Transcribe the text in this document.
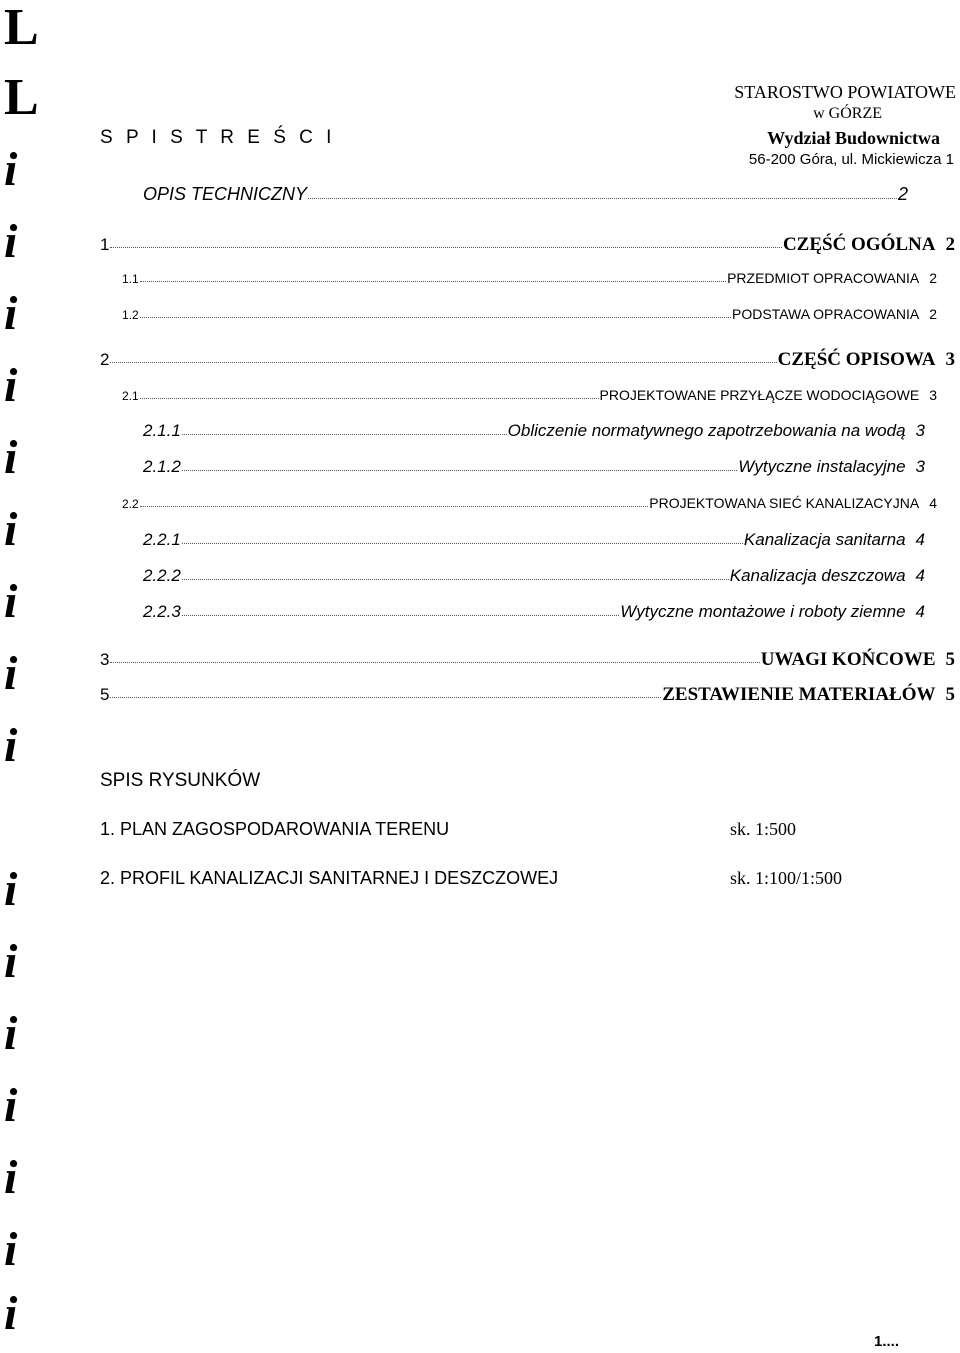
L
L
i
i
i
i
i
i
i
i
i
i
i
i
i
i
i
i
STAROSTWO POWIATOWE
w GÓRZE
Wydział Budownictwa
56-200 Góra, ul. Mickiewicza 1
S P I S T R E Ś C I
OPIS TECHNICZNY	2
1	CZĘŚĆ OGÓLNA 2
1.1	PRZEDMIOT OPRACOWANIA 2
1.2	PODSTAWA OPRACOWANIA 2
2	CZĘŚĆ OPISOWA 3
2.1	PROJEKTOWANE PRZYŁĄCZE WODOCIĄGOWE 3
2.1.1	Obliczenie normatywnego zapotrzebowania na wodą 3
2.1.2	Wytyczne instalacyjne 3
2.2	PROJEKTOWANA SIEĆ KANALIZACYJNA 4
2.2.1	Kanalizacja sanitarna 4
2.2.2	Kanalizacja deszczowa 4
2.2.3	Wytyczne montażowe i roboty ziemne 4
3	UWAGI KOŃCOWE 5
5	ZESTAWIENIE MATERIAŁÓW 5
SPIS RYSUNKÓW
1. PLAN ZAGOSPODAROWANIA TERENU	sk. 1:500
2. PROFIL KANALIZACJI SANITARNEJ I DESZCZOWEJ	sk. 1:100/1:500
1....
